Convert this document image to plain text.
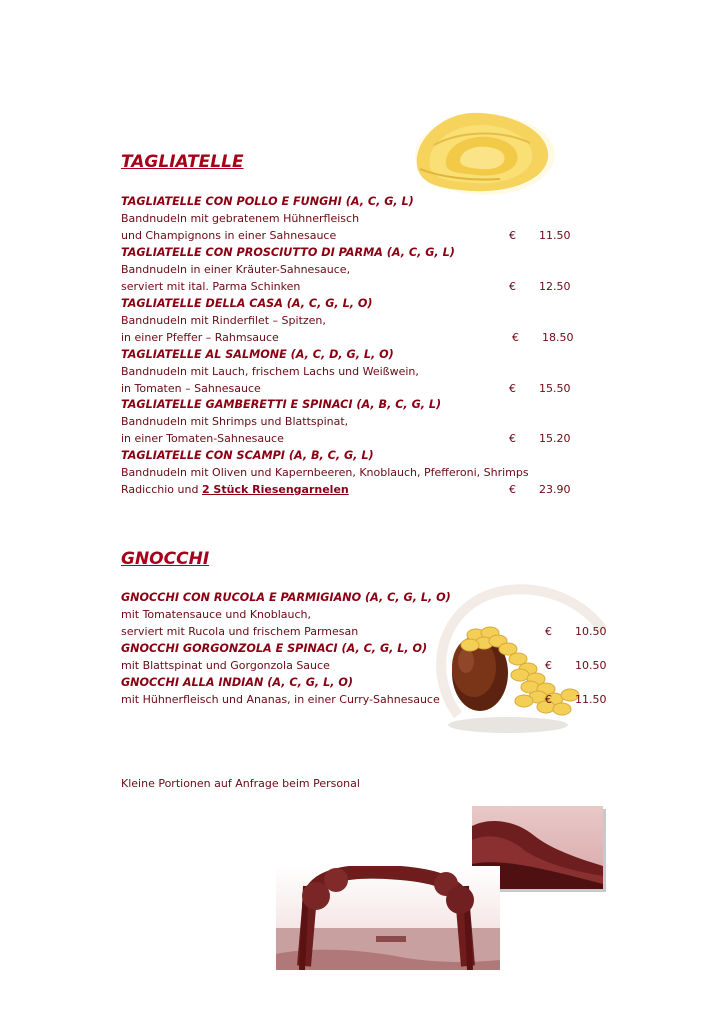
TAGLIATELLE
TAGLIATELLE CON POLLO E FUNGHI (A, C, G, L)
Bandnudeln mit gebratenem Hühnerfleisch
und Champignons in einer Sahnesauce	€ 11.50
TAGLIATELLE CON PROSCIUTTO DI PARMA (A, C, G, L)
Bandnudeln in einer Kräuter-Sahnesauce,
serviert mit ital. Parma Schinken	€ 12.50
TAGLIATELLE DELLA CASA (A, C, G, L, O)
Bandnudeln mit Rinderfilet – Spitzen,
in einer Pfeffer – Rahmsauce	€ 18.50
TAGLIATELLE AL SALMONE (A, C, D, G, L, O)
Bandnudeln mit Lauch, frischem Lachs und Weißwein,
in Tomaten – Sahnesauce	€ 15.50
TAGLIATELLE GAMBERETTI E SPINACI (A, B, C, G, L)
Bandnudeln mit Shrimps und Blattspinat,
in einer Tomaten-Sahnesauce	€ 15.20
TAGLIATELLE CON SCAMPI (A, B, C, G, L)
Bandnudeln mit Oliven und Kapernbeeren, Knoblauch, Pfefferoni, Shrimps
Radicchio und 2 Stück Riesengarnelen	€ 23.90
GNOCCHI
GNOCCHI CON RUCOLA E PARMIGIANO (A, C, G, L, O)
mit Tomatensauce und Knoblauch,
serviert mit Rucola und frischem Parmesan	€ 10.50
GNOCCHI GORGONZOLA E SPINACI (A, C, G, L, O)
mit Blattspinat und Gorgonzola Sauce	€ 10.50
GNOCCHI ALLA INDIAN (A, C, G, L, O)
mit Hühnerfleisch und Ananas, in einer Curry-Sahnesauce	€ 11.50
Kleine Portionen auf Anfrage beim Personal
